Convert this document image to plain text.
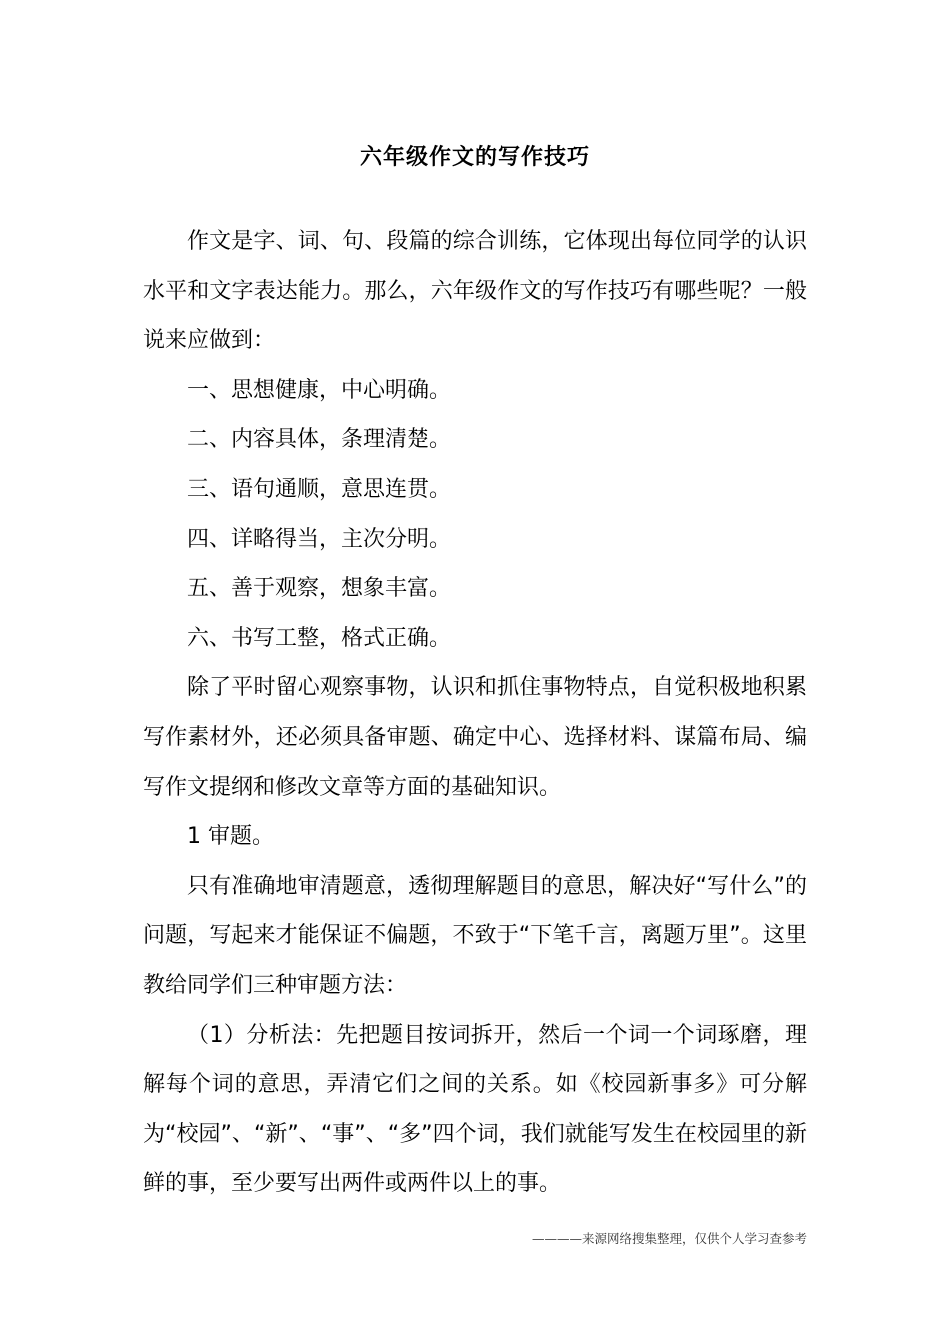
六年级作文的写作技巧

作文是字、词、句、段篇的综合训练，它体现出每位同学的认识水平和文字表达能力。那么，六年级作文的写作技巧有哪些呢？一般说来应做到：

一、思想健康，中心明确。

二、内容具体，条理清楚。

三、语句通顺，意思连贯。

四、详略得当，主次分明。

五、善于观察，想象丰富。

六、书写工整，格式正确。

除了平时留心观察事物，认识和抓住事物特点，自觉积极地积累写作素材外，还必须具备审题、确定中心、选择材料、谋篇布局、编写作文提纲和修改文章等方面的基础知识。

1 审题。

只有准确地审清题意，透彻理解题目的意思，解决好“写什么”的问题，写起来才能保证不偏题，不致于“下笔千言，离题万里”。这里教给同学们三种审题方法：

（1）分析法：先把题目按词拆开，然后一个词一个词琢磨，理解每个词的意思，弄清它们之间的关系。如《校园新事多》可分解为“校园”、“新”、“事”、“多”四个词，我们就能写发生在校园里的新鲜的事，至少要写出两件或两件以上的事。

————来源网络搜集整理，仅供个人学习查参考
